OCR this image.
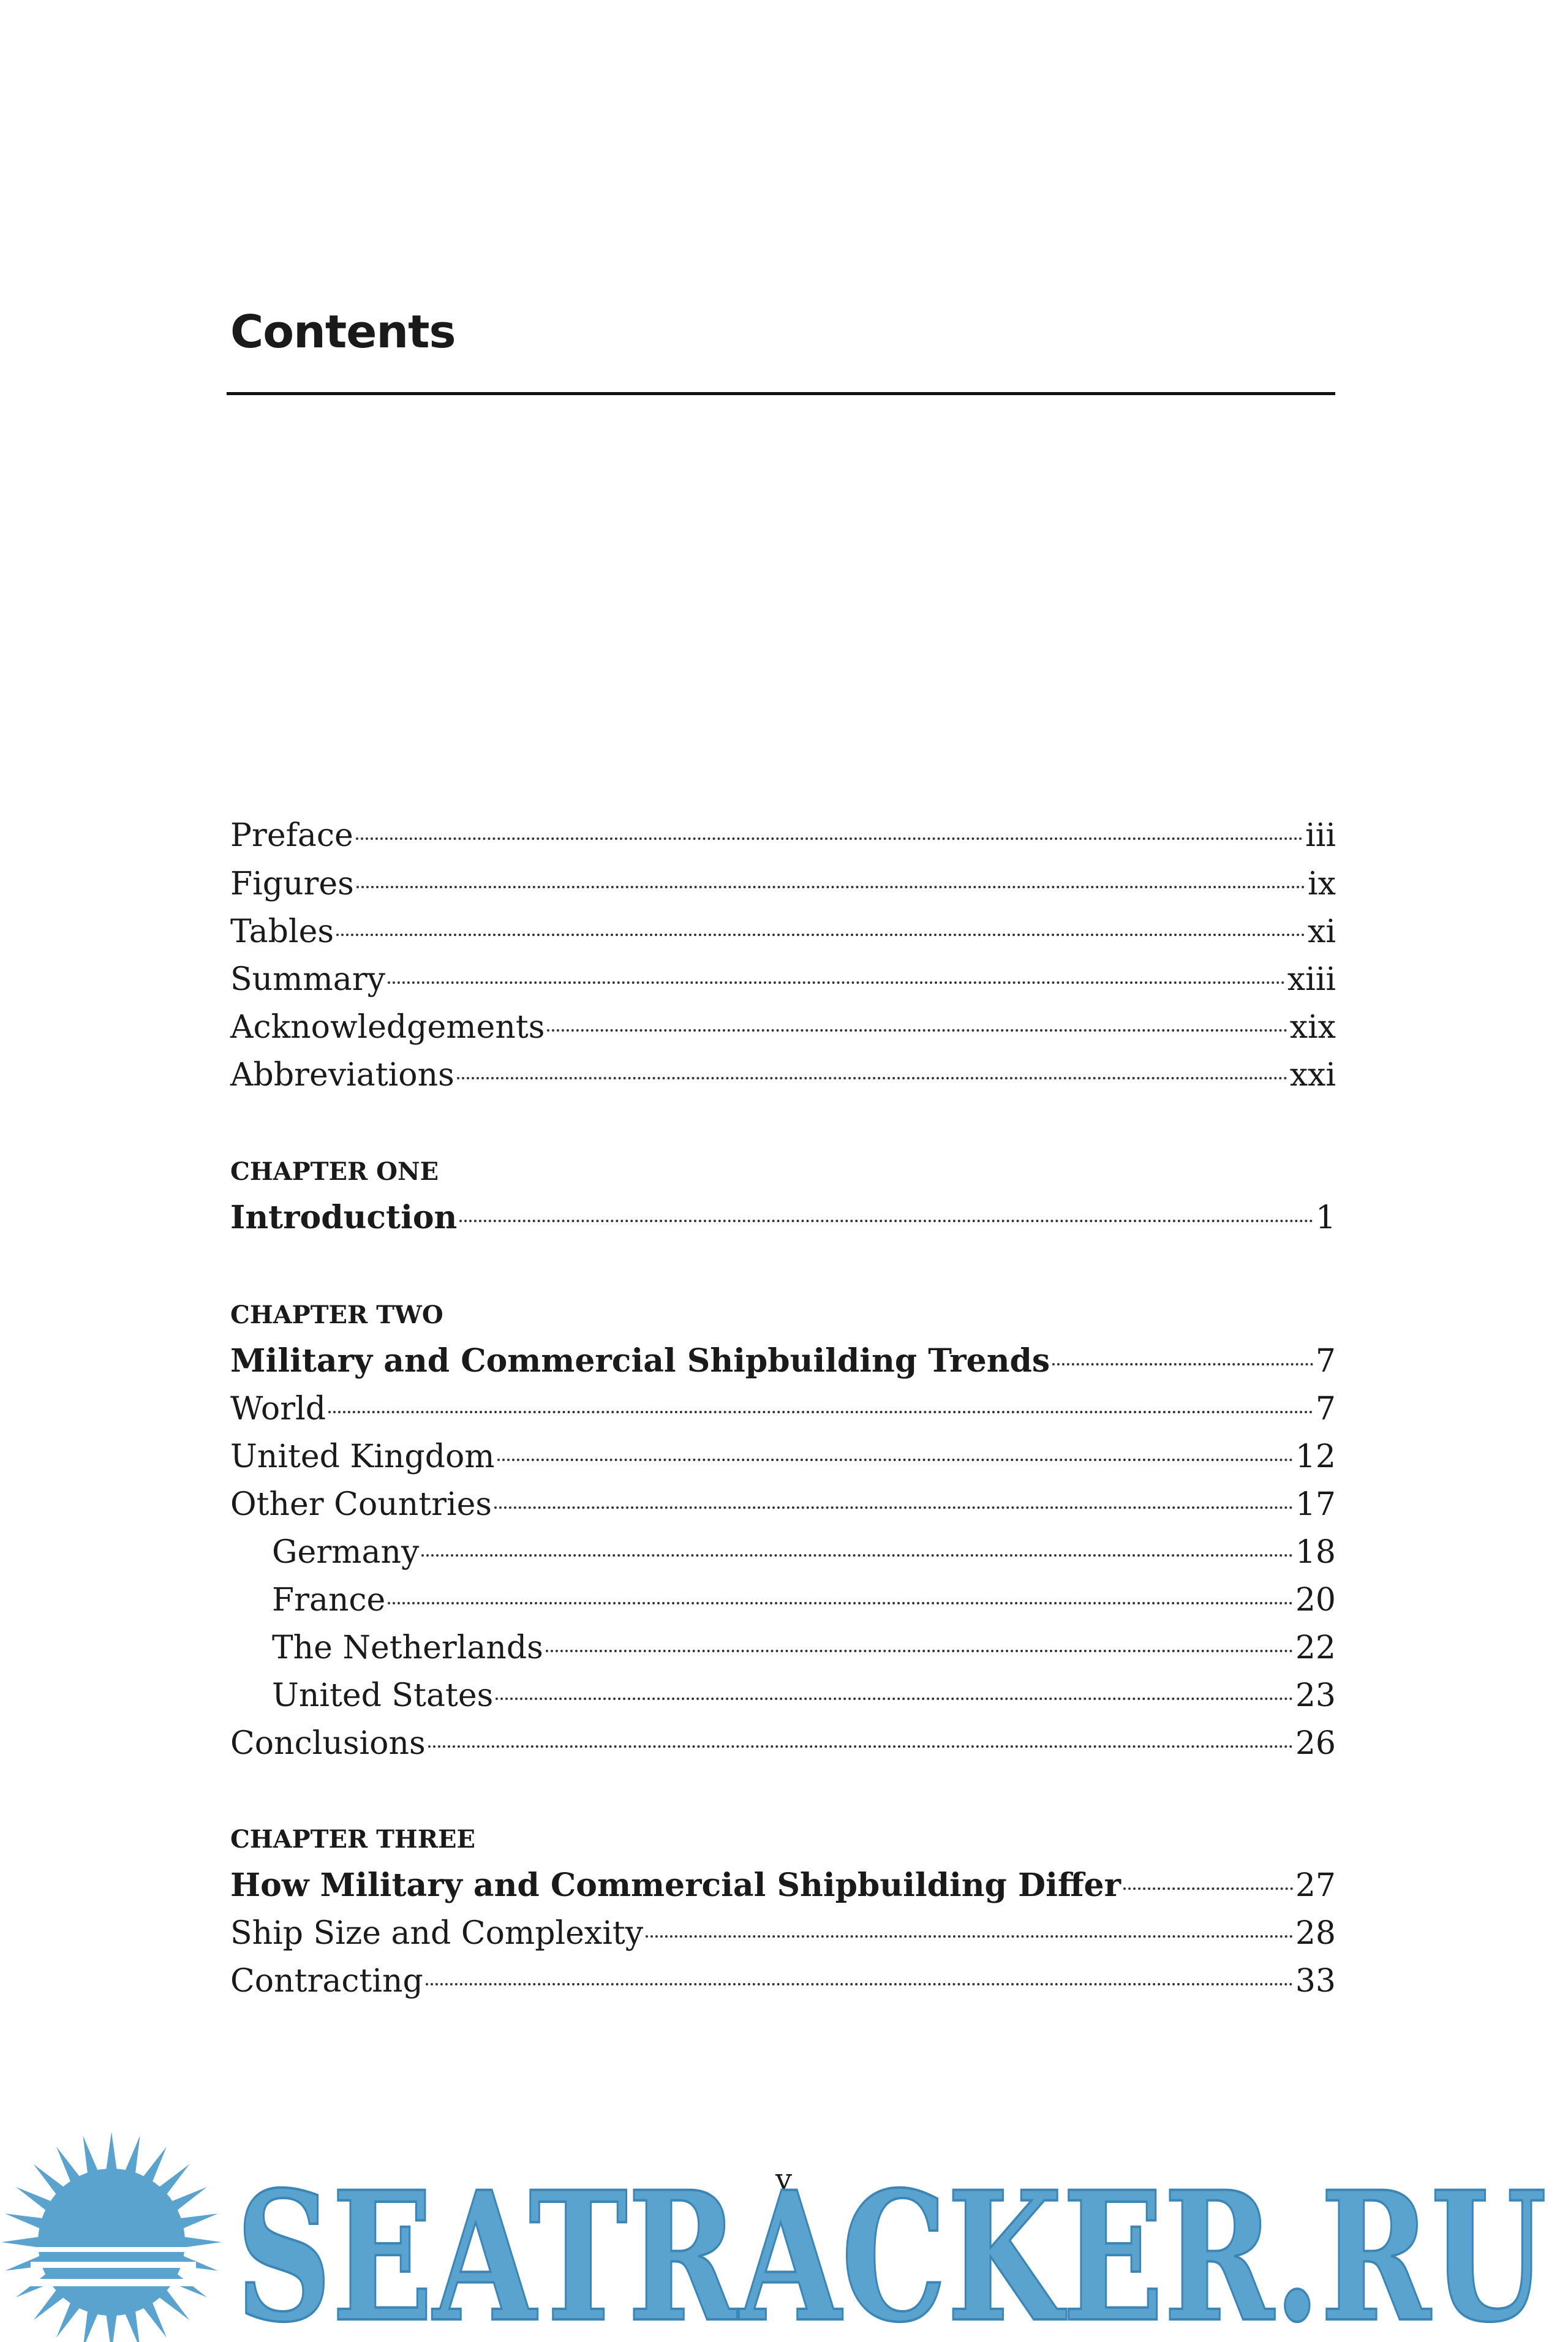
Contents
Preface	iii
Figures	ix
Tables	xi
Summary	xiii
Acknowledgements	xix
Abbreviations	xxi
CHAPTER ONE
Introduction	1
CHAPTER TWO
Military and Commercial Shipbuilding Trends	7
World	7
United Kingdom	12
Other Countries	17
Germany	18
France	20
The Netherlands	22
United States	23
Conclusions	26
CHAPTER THREE
How Military and Commercial Shipbuilding Differ	27
Ship Size and Complexity	28
Contracting	33
v
SEATRACKER.RU
